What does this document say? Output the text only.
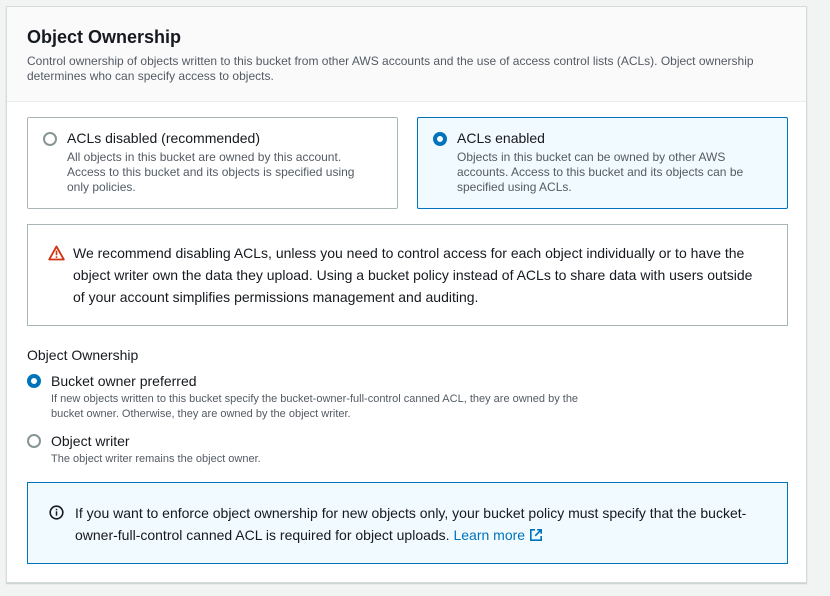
Object Ownership
Control ownership of objects written to this bucket from other AWS accounts and the use of access control lists (ACLs). Object ownership determines who can specify access to objects.
ACLs disabled (recommended)
All objects in this bucket are owned by this account. Access to this bucket and its objects is specified using only policies.
ACLs enabled
Objects in this bucket can be owned by other AWS accounts. Access to this bucket and its objects can be specified using ACLs.
We recommend disabling ACLs, unless you need to control access for each object individually or to have the object writer own the data they upload. Using a bucket policy instead of ACLs to share data with users outside of your account simplifies permissions management and auditing.
Object Ownership
Bucket owner preferred
If new objects written to this bucket specify the bucket-owner-full-control canned ACL, they are owned by the bucket owner. Otherwise, they are owned by the object writer.
Object writer
The object writer remains the object owner.
If you want to enforce object ownership for new objects only, your bucket policy must specify that the bucket-owner-full-control canned ACL is required for object uploads. Learn more
